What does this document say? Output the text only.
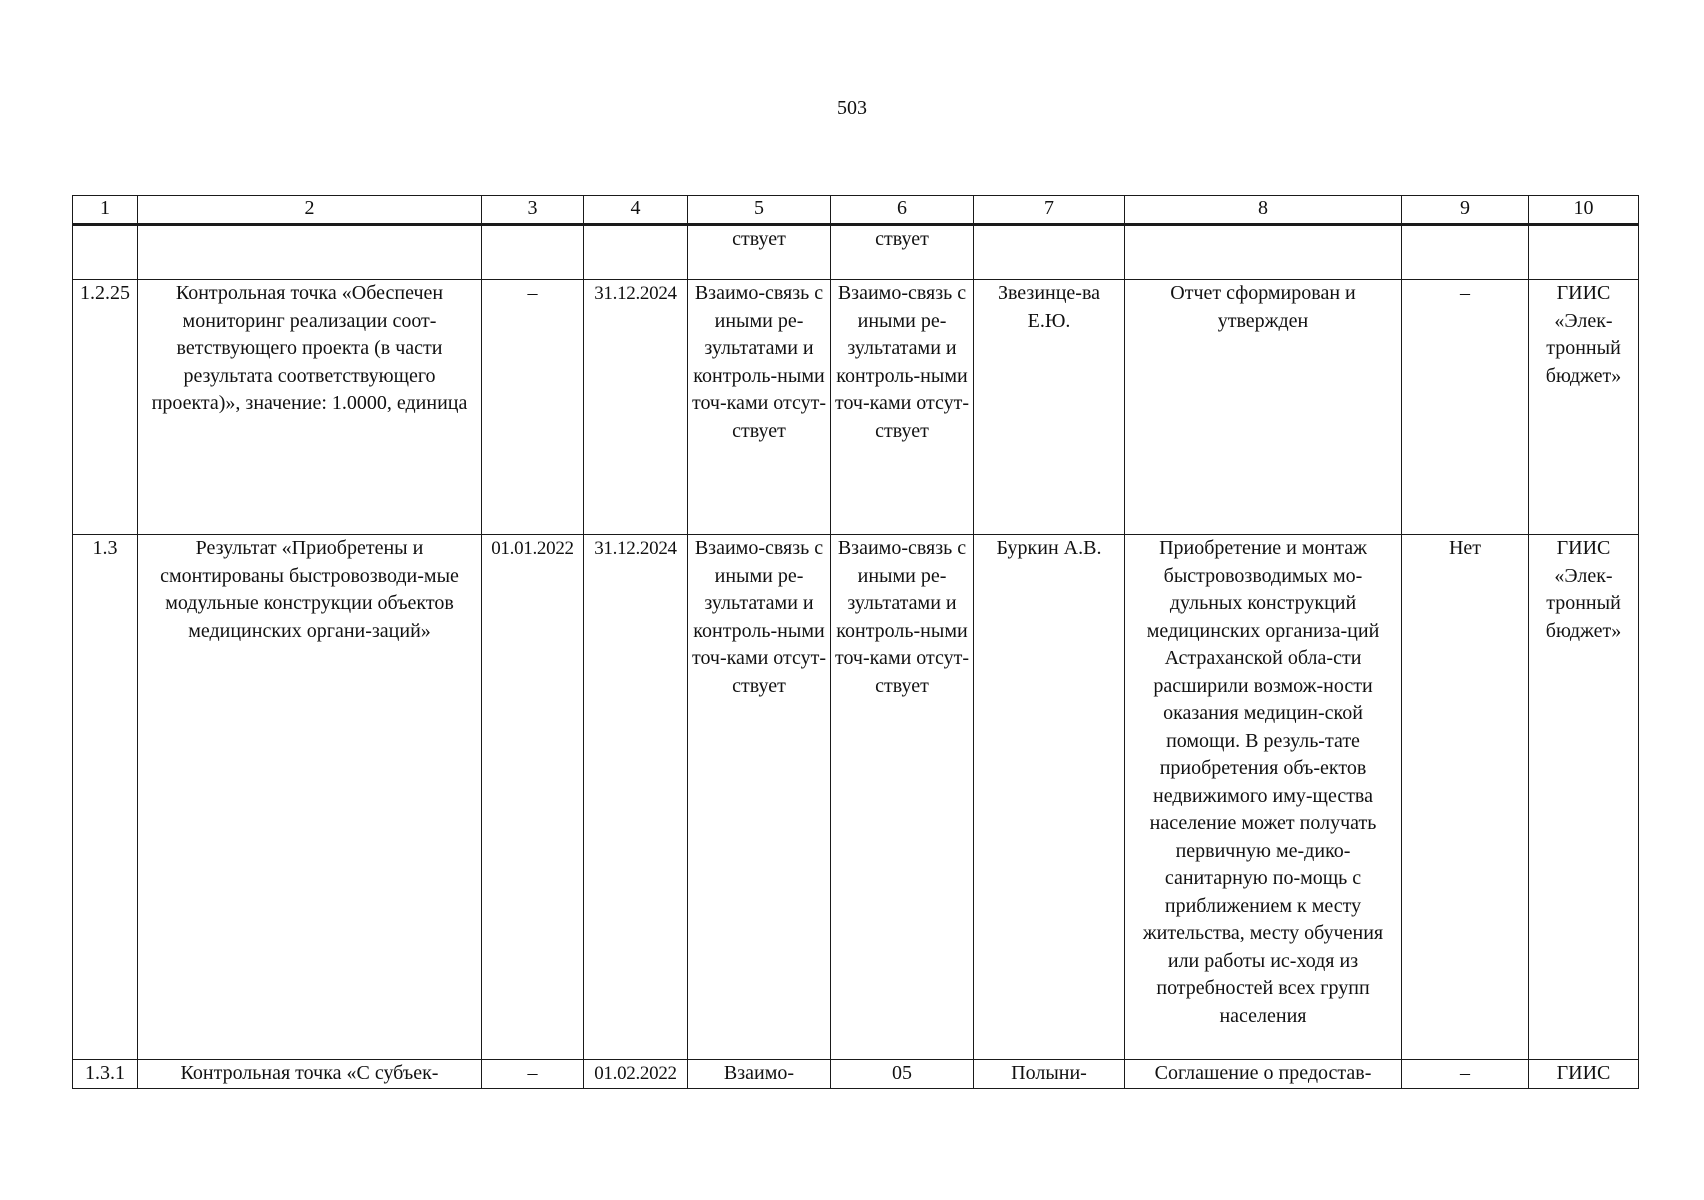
503
1	2	3	4	5	6	7	8	9	10
				ствует	ствует				
1.2.25	Контрольная точка «Обеспечен мониторинг реализации соот-ветствующего проекта (в части результата соответствующего проекта)», значение: 1.0000, единица	–	31.12.2024	Взаимо-связь с иными ре-зультатами и контроль-ными точ-ками отсут-ствует	Взаимо-связь с иными ре-зультатами и контроль-ными точ-ками отсут-ствует	Звезинце-ва Е.Ю.	Отчет сформирован и утвержден	–	ГИИС «Элек-тронный бюджет»
1.3	Результат «Приобретены и смонтированы быстровозводи-мые модульные конструкции объектов медицинских органи-заций»	01.01.2022	31.12.2024	Взаимо-связь с иными ре-зультатами и контроль-ными точ-ками отсут-ствует	Взаимо-связь с иными ре-зультатами и контроль-ными точ-ками отсут-ствует	Буркин А.В.	Приобретение и монтаж быстровозводимых мо-дульных конструкций медицинских организа-ций Астраханской обла-сти расширили возмож-ности оказания медицин-ской помощи. В резуль-тате приобретения объ-ектов недвижимого иму-щества население может получать первичную ме-дико-санитарную по-мощь с приближением к месту жительства, месту обучения или работы ис-ходя из потребностей всех групп населения	Нет	ГИИС «Элек-тронный бюджет»
1.3.1	Контрольная точка «С субъек-	–	01.02.2022	Взаимо-	05	Полыни-	Соглашение о предостав-	–	ГИИС
